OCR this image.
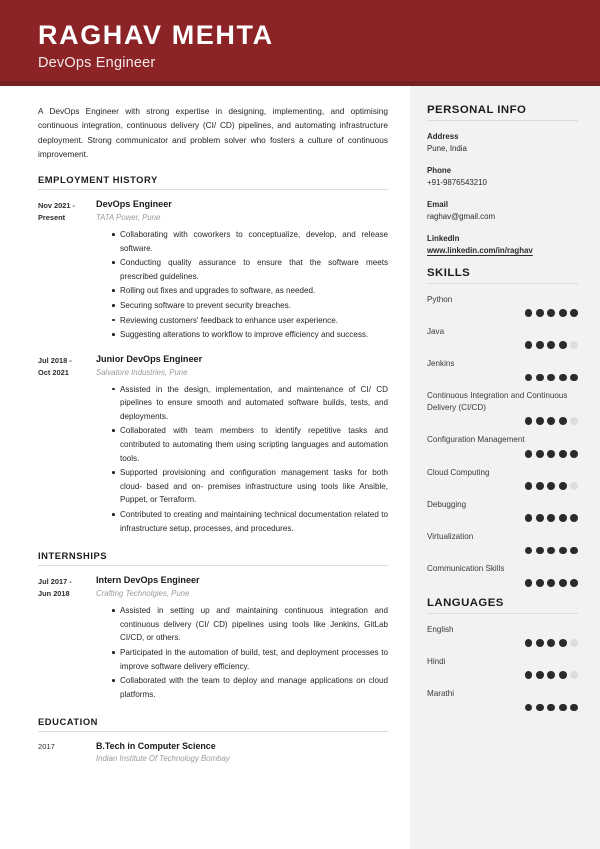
RAGHAV MEHTA
DevOps Engineer
A DevOps Engineer with strong expertise in designing, implementing, and optimising continuous integration, continuous delivery (CI/ CD) pipelines, and automating infrastructure deployment. Strong communicator and problem solver who fosters a culture of continuous improvement.
EMPLOYMENT HISTORY
Nov 2021 -
Present
DevOps Engineer
TATA Power, Pune
Collaborating with coworkers to conceptualize, develop, and release software.
Conducting quality assurance to ensure that the software meets prescribed guidelines.
Rolling out fixes and upgrades to software, as needed.
Securing software to prevent security breaches.
Reviewing customers' feedback to enhance user experience.
Suggesting alterations to workflow to improve efficiency and success.
Jul 2018 -
Oct 2021
Junior DevOps Engineer
Salvatore Industries, Pune
Assisted in the design, implementation, and maintenance of CI/ CD pipelines to ensure smooth and automated software builds, tests, and deployments.
Collaborated with team members to identify repetitive tasks and contributed to automating them using scripting languages and automation tools.
Supported provisioning and configuration management tasks for both cloud- based and on- premises infrastructure using tools like Ansible, Puppet, or Terraform.
Contributed to creating and maintaining technical documentation related to infrastructure setup, processes, and procedures.
INTERNSHIPS
Jul 2017 -
Jun 2018
Intern DevOps Engineer
Crafting Technolgies, Pune
Assisted in setting up and maintaining continuous integration and continuous delivery (CI/ CD) pipelines using tools like Jenkins, GitLab CI/CD, or others.
Participated in the automation of build, test, and deployment processes to improve software delivery efficiency.
Collaborated with the team to deploy and manage applications on cloud platforms.
EDUCATION
2017	B.Tech in Computer Science
Indian Institute Of Technology Bombay
PERSONAL INFO
Address
Pune, India
Phone
+91-9876543210
Email
raghav@gmail.com
LinkedIn
www.linkedin.com/in/raghav
SKILLS
Python
Java
Jenkins
Continuous Integration and Continuous Delivery (CI/CD)
Configuration Management
Cloud Computing
Debugging
Virtualization
Communication Skills
LANGUAGES
English
Hindi
Marathi
